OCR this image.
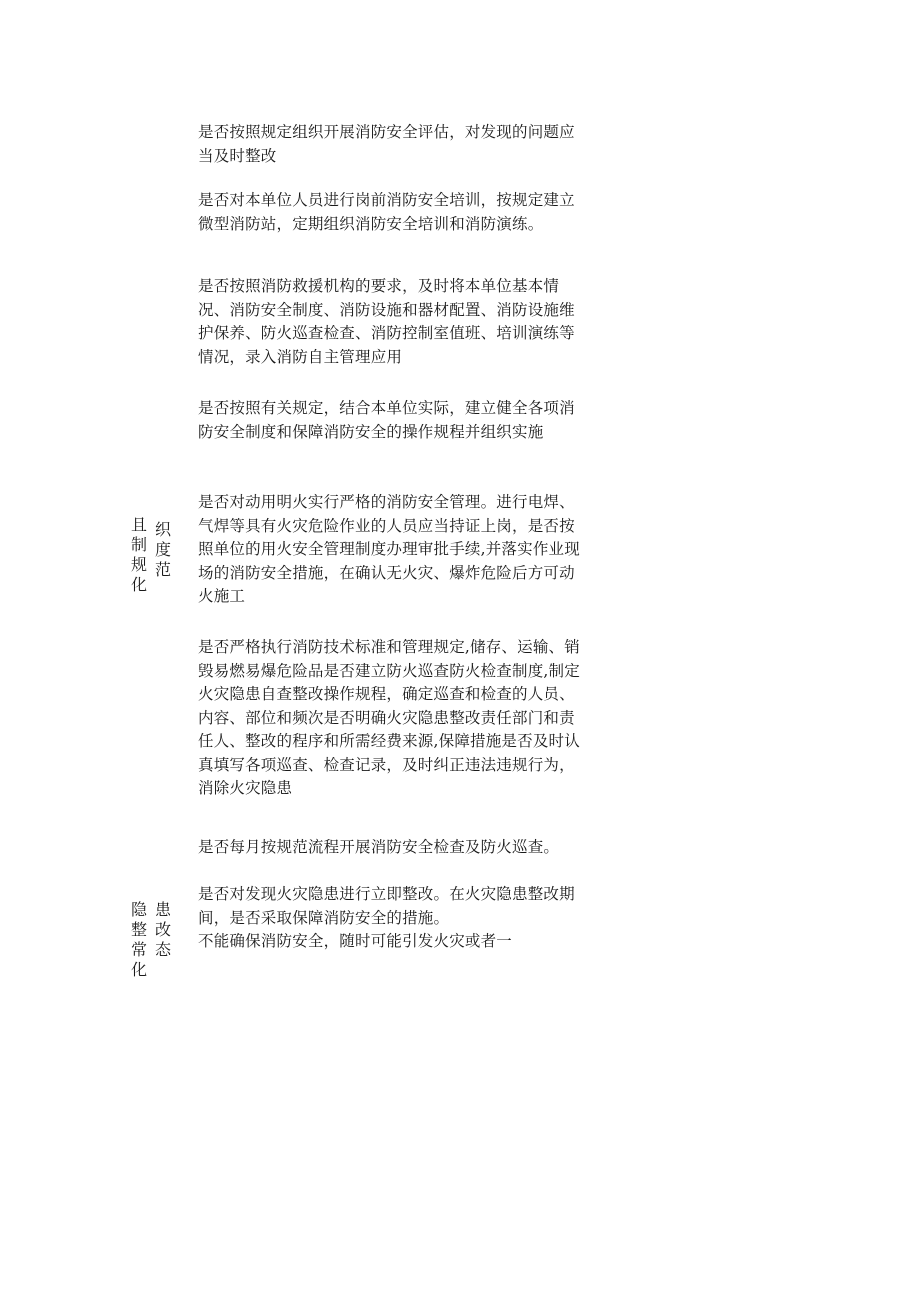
是否按照规定组织开展消防安全评估，对发现的问题应当及时整改

是否对本单位人员进行岗前消防安全培训，按规定建立微型消防站，定期组织消防安全培训和消防演练。

是否按照消防救援机构的要求，及时将本单位基本情况、消防安全制度、消防设施和器材配置、消防设施维护保养、防火巡查检查、消防控制室值班、培训演练等情况，录入消防自主管理应用

是否按照有关规定，结合本单位实际，建立健全各项消防安全制度和保障消防安全的操作规程并组织实施

是否对动用明火实行严格的消防安全管理。进行电焊、气焊等具有火灾危险作业的人员应当持证上岗，是否按照单位的用火安全管理制度办理审批手续,并落实作业现场的消防安全措施，在确认无火灾、爆炸危险后方可动火施工

是否严格执行消防技术标准和管理规定,储存、运输、销毁易燃易爆危险品是否建立防火巡查防火检查制度,制定火灾隐患自查整改操作规程，确定巡查和检查的人员、内容、部位和频次是否明确火灾隐患整改责任部门和责任人、整改的程序和所需经费来源,保障措施是否及时认真填写各项巡查、检查记录，及时纠正违法违规行为，消除火灾隐患

是否每月按规范流程开展消防安全检查及防火巡查。

是否对发现火灾隐患进行立即整改。在火灾隐患整改期间，是否采取保障消防安全的措施。

不能确保消防安全，随时可能引发火灾或者一

且制规化
织度范
隐整常化
患改态
